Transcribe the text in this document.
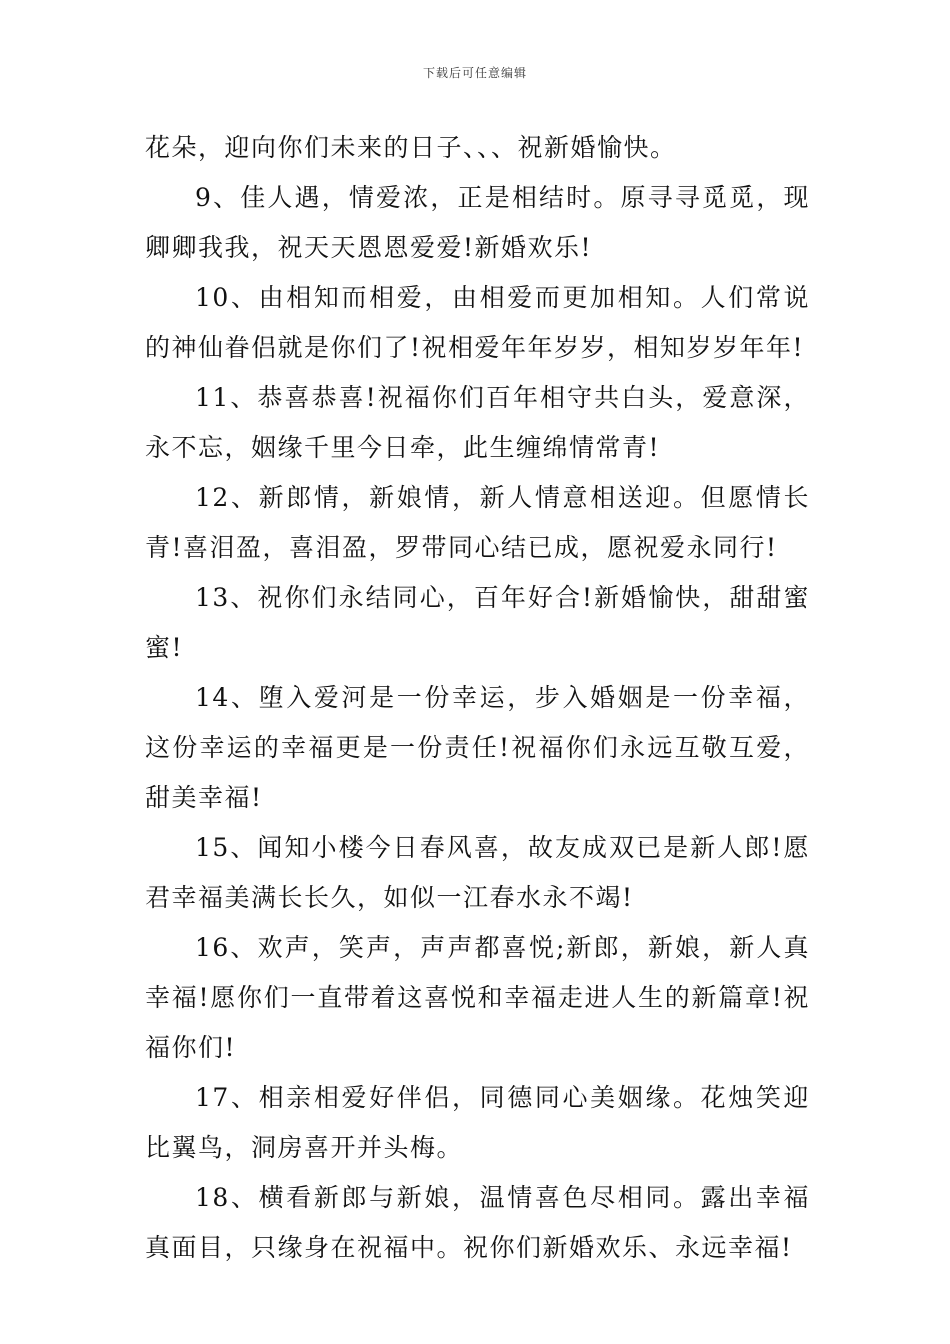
下载后可任意编辑

花朵，迎向你们未来的日子、、、祝新婚愉快。

9、佳人遇，情爱浓，正是相结时。原寻寻觅觅，现卿卿我我，祝天天恩恩爱爱!新婚欢乐!

10、由相知而相爱，由相爱而更加相知。人们常说的神仙眷侣就是你们了!祝相爱年年岁岁，相知岁岁年年!

11、恭喜恭喜!祝福你们百年相守共白头，爱意深，永不忘，姻缘千里今日牵，此生缠绵情常青!

12、新郎情，新娘情，新人情意相送迎。但愿情长青!喜泪盈，喜泪盈，罗带同心结已成，愿祝爱永同行!

13、祝你们永结同心，百年好合!新婚愉快，甜甜蜜蜜!

14、堕入爱河是一份幸运，步入婚姻是一份幸福，这份幸运的幸福更是一份责任!祝福你们永远互敬互爱，甜美幸福!

15、闻知小楼今日春风喜，故友成双已是新人郎!愿君幸福美满长长久，如似一江春水永不竭!

16、欢声，笑声，声声都喜悦;新郎，新娘，新人真幸福!愿你们一直带着这喜悦和幸福走进人生的新篇章!祝福你们!

17、相亲相爱好伴侣，同德同心美姻缘。花烛笑迎比翼鸟，洞房喜开并头梅。

18、横看新郎与新娘，温情喜色尽相同。露出幸福真面目，只缘身在祝福中。祝你们新婚欢乐、永远幸福!
